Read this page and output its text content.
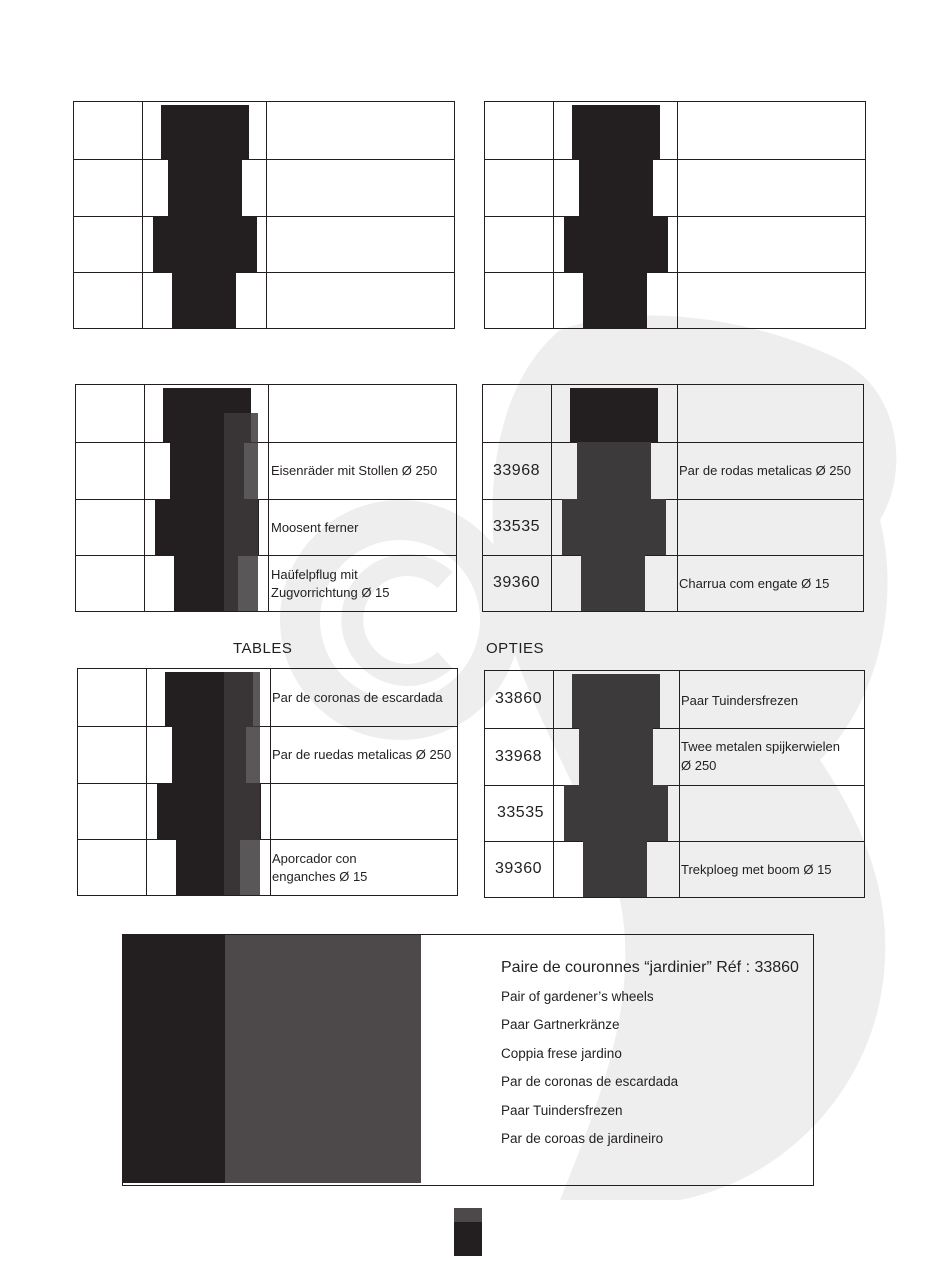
Eisenräder mit Stollen Ø 250
Moosent ferner
Haüfelpflug mit
Zugvorrichtung Ø 15
33968
33535
39360
Par de rodas metalicas Ø 250
Charrua com engate Ø 15
TABLES	OPTIES
Par de coronas de escardada
Par de ruedas metalicas Ø 250
Aporcador con
enganches Ø 15
33860
33968
33535
39360
Paar Tuindersfrezen
Twee metalen spijkerwielen
Ø 250
Trekploeg met boom Ø 15
Paire de couronnes “jardinier” Réf : 33860
Pair of gardener’s wheels
Paar Gartnerkränze
Coppia frese jardino
Par de coronas de escardada
Paar Tuindersfrezen
Par de coroas de jardineiro
